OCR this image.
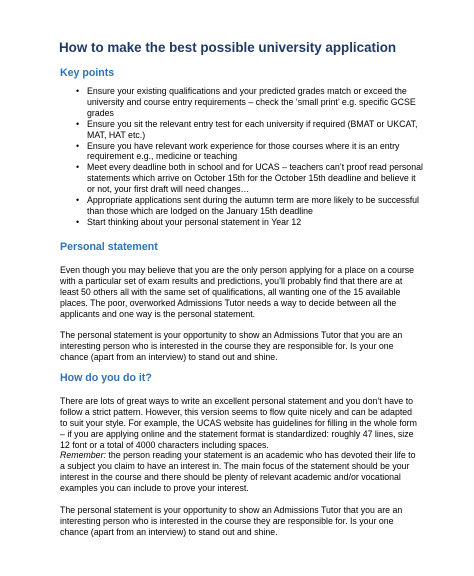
How to make the best possible university application
Key points
• Ensure your existing qualifications and your predicted grades match or exceed the university and course entry requirements – check the ‘small print’ e.g. specific GCSE grades
• Ensure you sit the relevant entry test for each university if required (BMAT or UKCAT, MAT, HAT etc.)
• Ensure you have relevant work experience for those courses where it is an entry requirement e.g., medicine or teaching
• Meet every deadline both in school and for UCAS – teachers can’t proof read personal statements which arrive on October 15th for the October 15th deadline and believe it or not, your first draft will need changes…
• Appropriate applications sent during the autumn term are more likely to be successful than those which are lodged on the January 15th deadline
• Start thinking about your personal statement in Year 12
Personal statement

Even though you may believe that you are the only person applying for a place on a course with a particular set of exam results and predictions, you’ll probably find that there are at least 50 others all with the same set of qualifications, all wanting one of the 15 available places. The poor, overworked Admissions Tutor needs a way to decide between all the applicants and one way is the personal statement.

The personal statement is your opportunity to show an Admissions Tutor that you are an interesting person who is interested in the course they are responsible for. Is your one chance (apart from an interview) to stand out and shine.

How do you do it?

There are lots of great ways to write an excellent personal statement and you don’t have to follow a strict pattern. However, this version seems to flow quite nicely and can be adapted to suit your style. For example, the UCAS website has guidelines for filling in the whole form – if you are applying online and the statement format is standardized: roughly 47 lines, size 12 font or a total of 4000 characters including spaces.

Remember: the person reading your statement is an academic who has devoted their life to a subject you claim to have an interest in. The main focus of the statement should be your interest in the course and there should be plenty of relevant academic and/or vocational examples you can include to prove your interest.

The personal statement is your opportunity to show an Admissions Tutor that you are an interesting person who is interested in the course they are responsible for. Is your one chance (apart from an interview) to stand out and shine.
